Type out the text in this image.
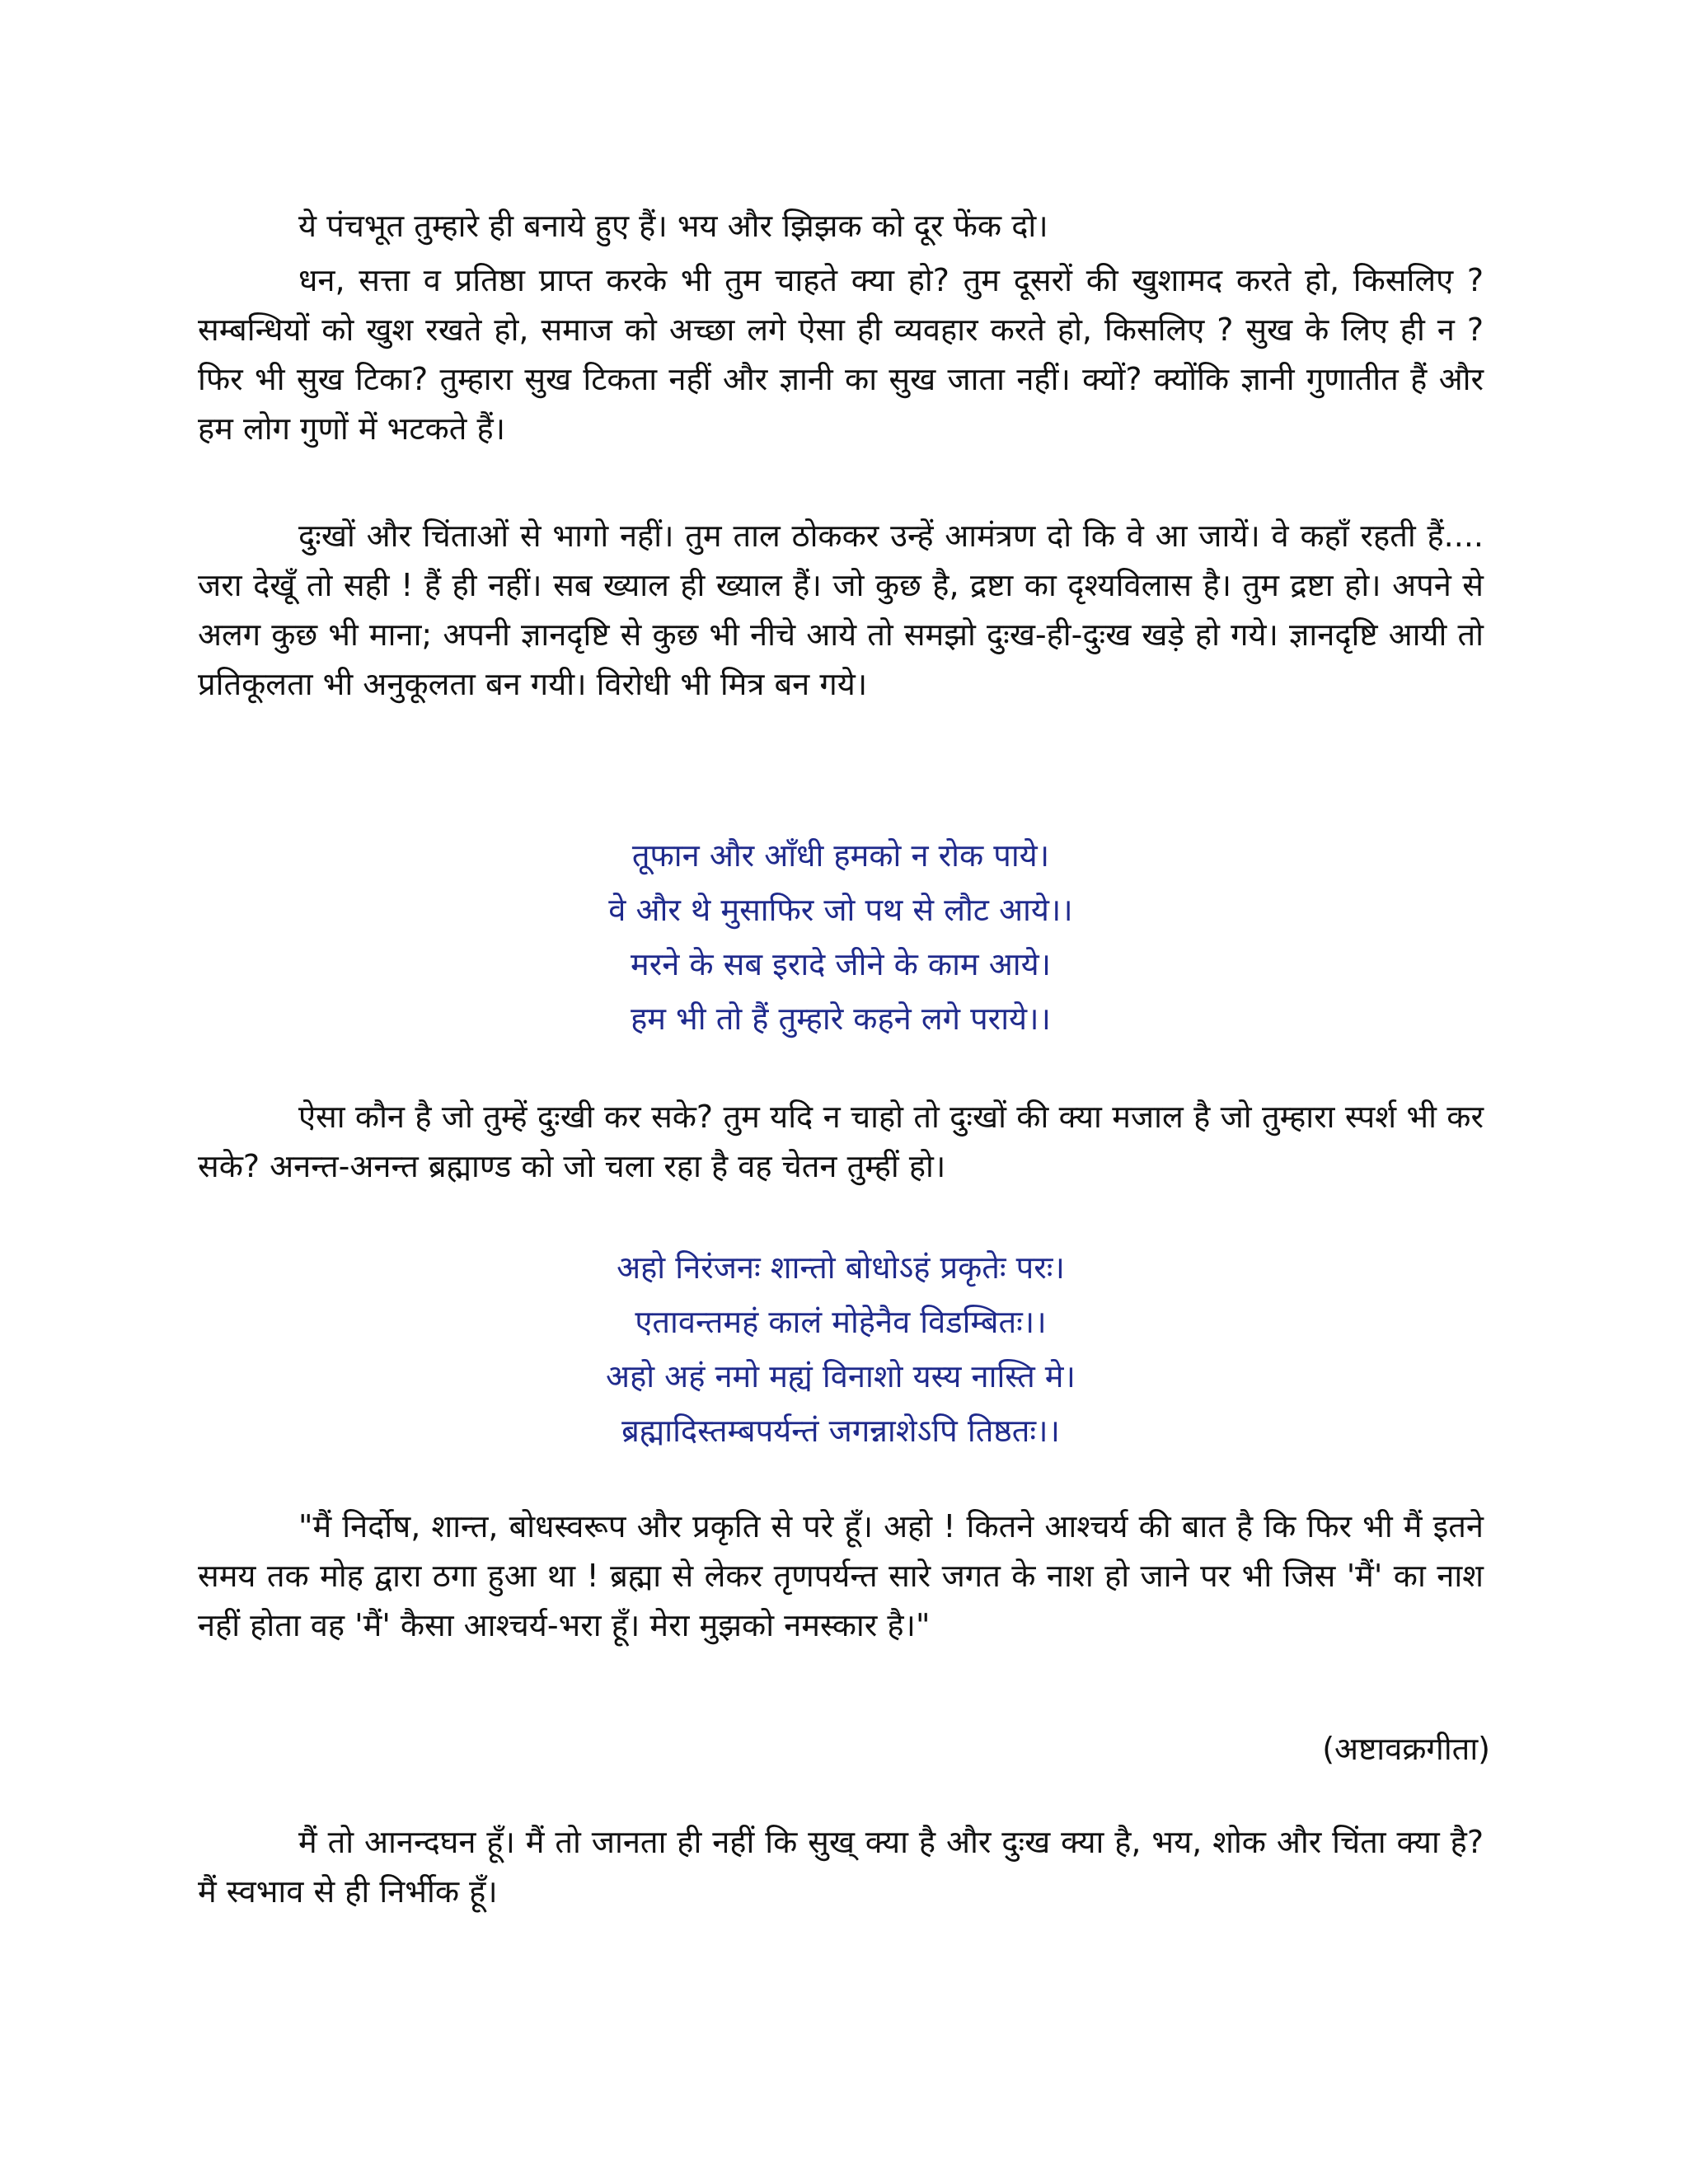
ये पंचभूत तुम्हारे ही बनाये हुए हैं। भय और झिझक को दूर फेंक दो।

धन, सत्ता व प्रतिष्ठा प्राप्त करके भी तुम चाहते क्या हो? तुम दूसरों की खुशामद करते हो, किसलिए ? सम्बन्धियों को खुश रखते हो, समाज को अच्छा लगे ऐसा ही व्यवहार करते हो, किसलिए ? सुख के लिए ही न ? फिर भी सुख टिका? तुम्हारा सुख टिकता नहीं और ज्ञानी का सुख जाता नहीं। क्यों? क्योंकि ज्ञानी गुणातीत हैं और हम लोग गुणों में भटकते हैं।

दुःखों और चिंताओं से भागो नहीं। तुम ताल ठोककर उन्हें आमंत्रण दो कि वे आ जायें। वे कहाँ रहती हैं.... जरा देखूँ तो सही ! हैं ही नहीं। सब ख्याल ही ख्याल हैं। जो कुछ है, द्रष्टा का दृश्यविलास है। तुम द्रष्टा हो। अपने से अलग कुछ भी माना; अपनी ज्ञानदृष्टि से कुछ भी नीचे आये तो समझो दुःख-ही-दुःख खड़े हो गये। ज्ञानदृष्टि आयी तो प्रतिकूलता भी अनुकूलता बन गयी। विरोधी भी मित्र बन गये।

तूफान और आँधी हमको न रोक पाये।
वे और थे मुसाफिर जो पथ से लौट आये।।
मरने के सब इरादे जीने के काम आये।
हम भी तो हैं तुम्हारे कहने लगे पराये।।

ऐसा कौन है जो तुम्हें दुःखी कर सके? तुम यदि न चाहो तो दुःखों की क्या मजाल है जो तुम्हारा स्पर्श भी कर सके? अनन्त-अनन्त ब्रह्माण्ड को जो चला रहा है वह चेतन तुम्हीं हो।

अहो निरंजनः शान्तो बोधोऽहं प्रकृतेः परः।
एतावन्तमहं कालं मोहेनैव विडम्बितः।।
अहो अहं नमो मह्यं विनाशो यस्य नास्ति मे।
ब्रह्मादिस्तम्बपर्यन्तं जगन्नाशेऽपि तिष्ठतः।।

"मैं निर्दोष, शान्त, बोधस्वरूप और प्रकृति से परे हूँ। अहो ! कितने आश्चर्य की बात है कि फिर भी मैं इतने समय तक मोह द्वारा ठगा हुआ था ! ब्रह्मा से लेकर तृणपर्यन्त सारे जगत के नाश हो जाने पर भी जिस 'मैं' का नाश नहीं होता वह 'मैं' कैसा आश्चर्य-भरा हूँ। मेरा मुझको नमस्कार है।"

(अष्टावक्रगीता)

मैं तो आनन्दघन हूँ। मैं तो जानता ही नहीं कि सुख् क्या है और दुःख क्या है, भय, शोक और चिंता क्या है? मैं स्वभाव से ही निर्भीक हूँ।
